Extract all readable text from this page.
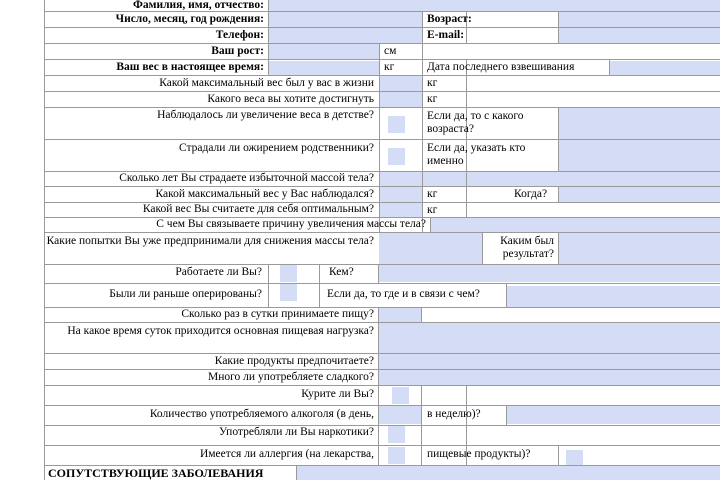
Фамилия, имя, отчество:
Число, месяц, год рождения:	Возраст:
Телефон:	E-mail:
Ваш рост:	см
Ваш вес в настоящее время:	кг	Дата последнего взвешивания
Какой максимальный вес был у вас в жизни	кг
Какого веса вы хотите достигнуть	кг
Наблюдалось ли увеличение веса в детстве?	Если да, то с какого возраста?
Страдали ли ожирением родственники?	Если да, указать кто именно
Сколько лет Вы страдаете избыточной массой тела?
Какой максимальный вес у Вас наблюдался?	кг	Когда?
Какой вес Вы считаете для себя оптимальным?	кг
С чем Вы связываете причину увеличения массы тела?
Какие попытки Вы уже предпринимали для снижения массы тела?	Каким был результат?
Работаете ли Вы?	Кем?
Были ли раньше оперированы?	Если да, то где и в связи с чем?
Сколько раз в сутки принимаете пищу?
На какое время суток приходится основная пищевая нагрузка?
Какие продукты предпочитаете?
Много ли употребляете сладкого?
Курите ли Вы?
Количество употребляемого алкоголя (в день,	в неделю)?
Употребляли ли Вы наркотики?
Имеется ли аллергия (на лекарства,	пищевые продукты)?
СОПУТСТВУЮЩИЕ ЗАБОЛЕВАНИЯ
